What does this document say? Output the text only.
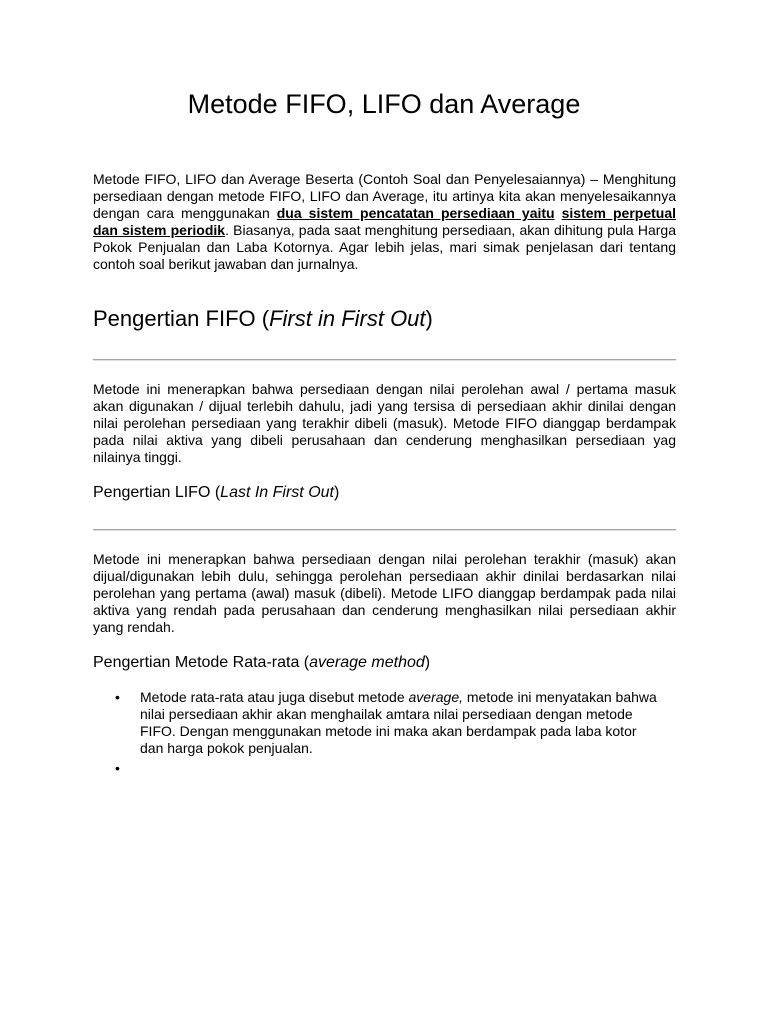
Metode FIFO, LIFO dan Average

Metode FIFO, LIFO dan Average Beserta (Contoh Soal dan Penyelesaiannya) – Menghitung persediaan dengan metode FIFO, LIFO dan Average, itu artinya kita akan menyelesaikannya dengan cara menggunakan dua sistem pencatatan persediaan yaitu sistem perpetual dan sistem periodik. Biasanya, pada saat menghitung persediaan, akan dihitung pula Harga Pokok Penjualan dan Laba Kotornya. Agar lebih jelas, mari simak penjelasan dari tentang contoh soal berikut jawaban dan jurnalnya.

Pengertian FIFO (First in First Out)

Metode ini menerapkan bahwa persediaan dengan nilai perolehan awal / pertama masuk akan digunakan / dijual terlebih dahulu, jadi yang tersisa di persediaan akhir dinilai dengan nilai perolehan persediaan yang terakhir dibeli (masuk). Metode FIFO dianggap berdampak pada nilai aktiva yang dibeli perusahaan dan cenderung menghasilkan persediaan yag nilainya tinggi.

Pengertian LIFO (Last In First Out)

Metode ini menerapkan bahwa persediaan dengan nilai perolehan terakhir (masuk) akan dijual/digunakan lebih dulu, sehingga perolehan persediaan akhir dinilai berdasarkan nilai perolehan yang pertama (awal) masuk (dibeli). Metode LIFO dianggap berdampak pada nilai aktiva yang rendah pada perusahaan dan cenderung menghasilkan nilai persediaan akhir yang rendah.

Pengertian Metode Rata-rata (average method)
• Metode rata-rata atau juga disebut metode average, metode ini menyatakan bahwa nilai persediaan akhir akan menghailak amtara nilai persediaan dengan metode FIFO. Dengan menggunakan metode ini maka akan berdampak pada laba kotor dan harga pokok penjualan.
•
